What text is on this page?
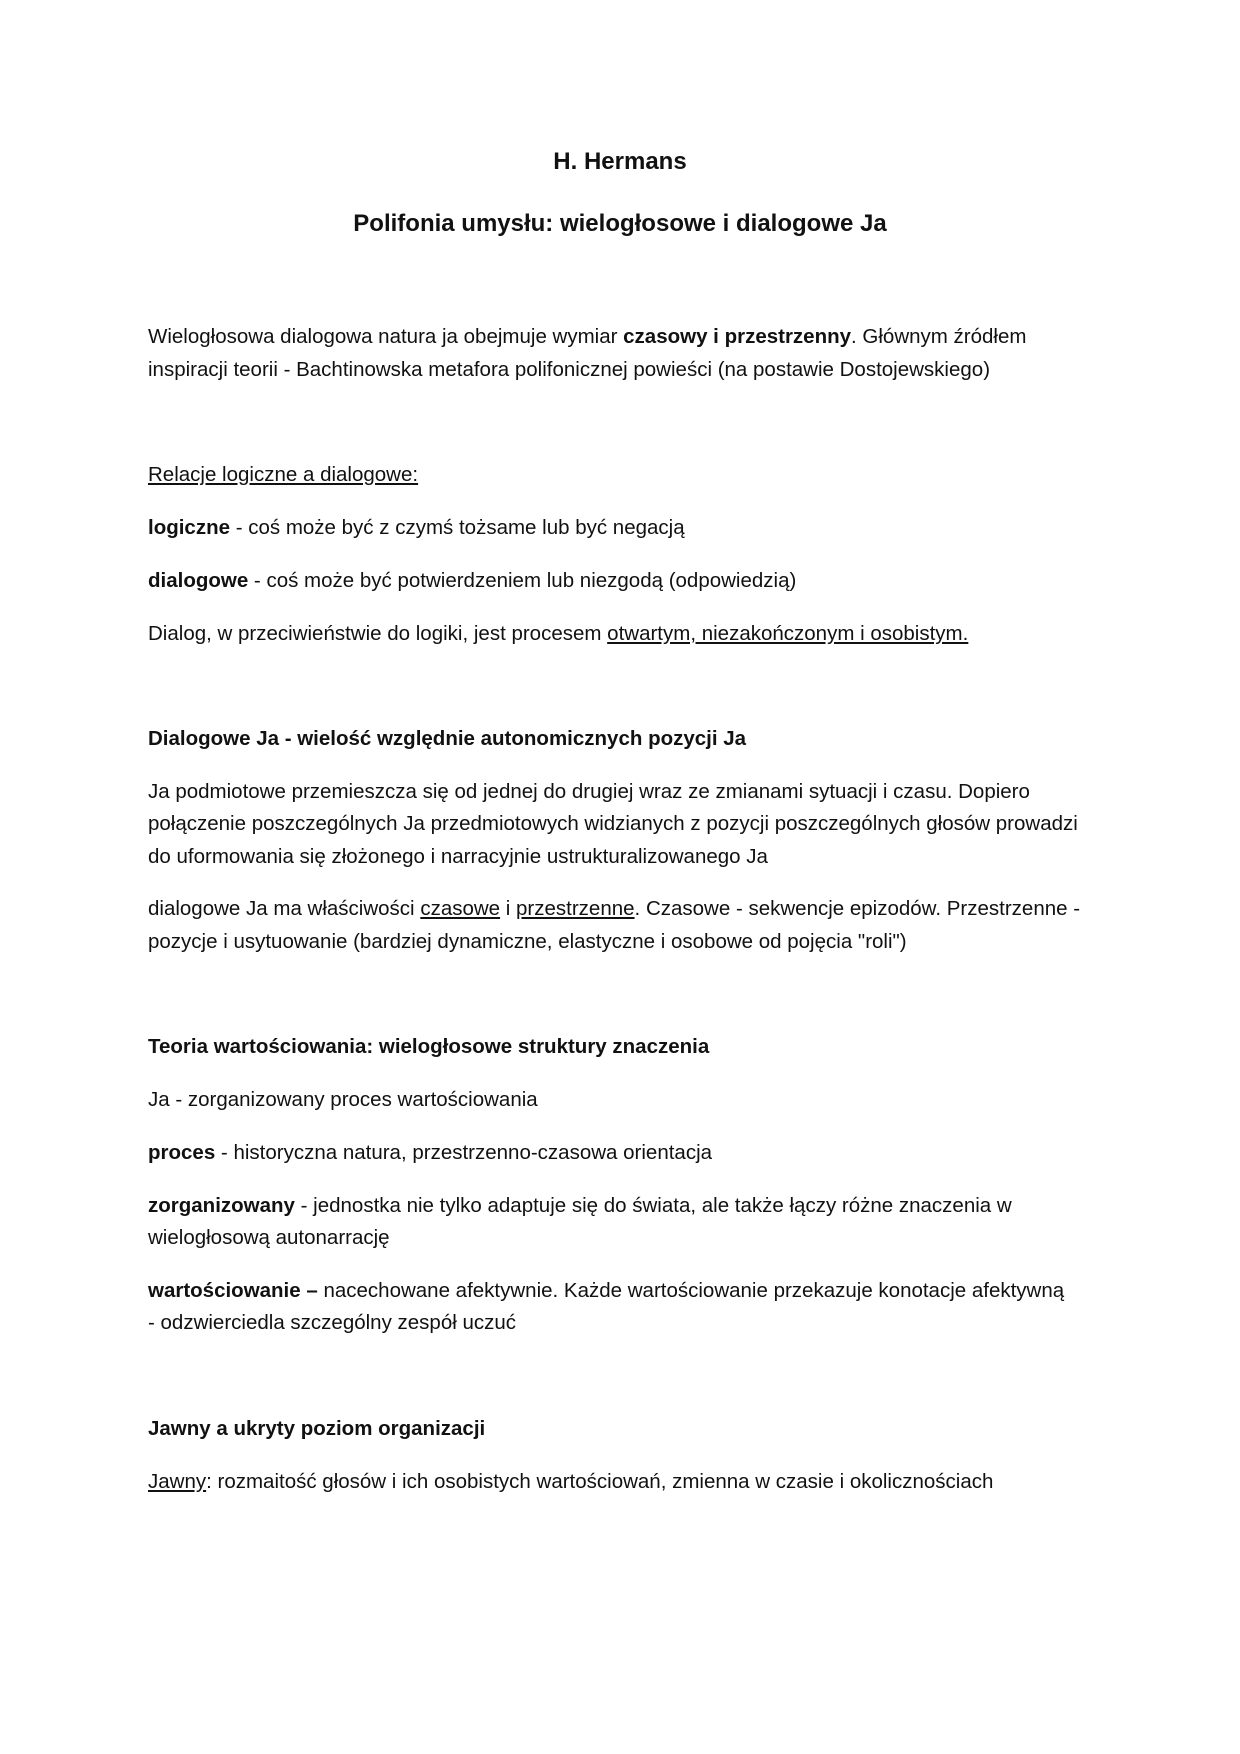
H. Hermans
Polifonia umysłu: wielogłosowe i dialogowe Ja
Wielogłosowa dialogowa natura ja obejmuje wymiar czasowy i przestrzenny. Głównym źródłem
inspiracji teorii - Bachtinowska metafora polifonicznej powieści (na postawie Dostojewskiego)
Relacje logiczne a dialogowe:
logiczne - coś może być z czymś tożsame lub być negacją
dialogowe - coś może być potwierdzeniem lub niezgodą (odpowiedzią)
Dialog, w przeciwieństwie do logiki, jest procesem otwartym, niezakończonym i osobistym.
Dialogowe Ja - wielość względnie autonomicznych pozycji Ja
Ja podmiotowe przemieszcza się od jednej do drugiej wraz ze zmianami sytuacji i czasu. Dopiero
połączenie poszczególnych Ja przedmiotowych widzianych z pozycji poszczególnych głosów prowadzi
do uformowania się złożonego i narracyjnie ustrukturalizowanego Ja
dialogowe Ja ma właściwości czasowe i przestrzenne. Czasowe - sekwencje epizodów. Przestrzenne -
pozycje i usytuowanie (bardziej dynamiczne, elastyczne i osobowe od pojęcia "roli")
Teoria wartościowania: wielogłosowe struktury znaczenia
Ja - zorganizowany proces wartościowania
proces - historyczna natura, przestrzenno-czasowa orientacja
zorganizowany - jednostka nie tylko adaptuje się do świata, ale także łączy różne znaczenia w
wielogłosową autonarrację
wartościowanie – nacechowane afektywnie. Każde wartościowanie przekazuje konotacje afektywną
- odzwierciedla szczególny zespół uczuć
Jawny a ukryty poziom organizacji
Jawny: rozmaitość głosów i ich osobistych wartościowań, zmienna w czasie i okolicznościach
